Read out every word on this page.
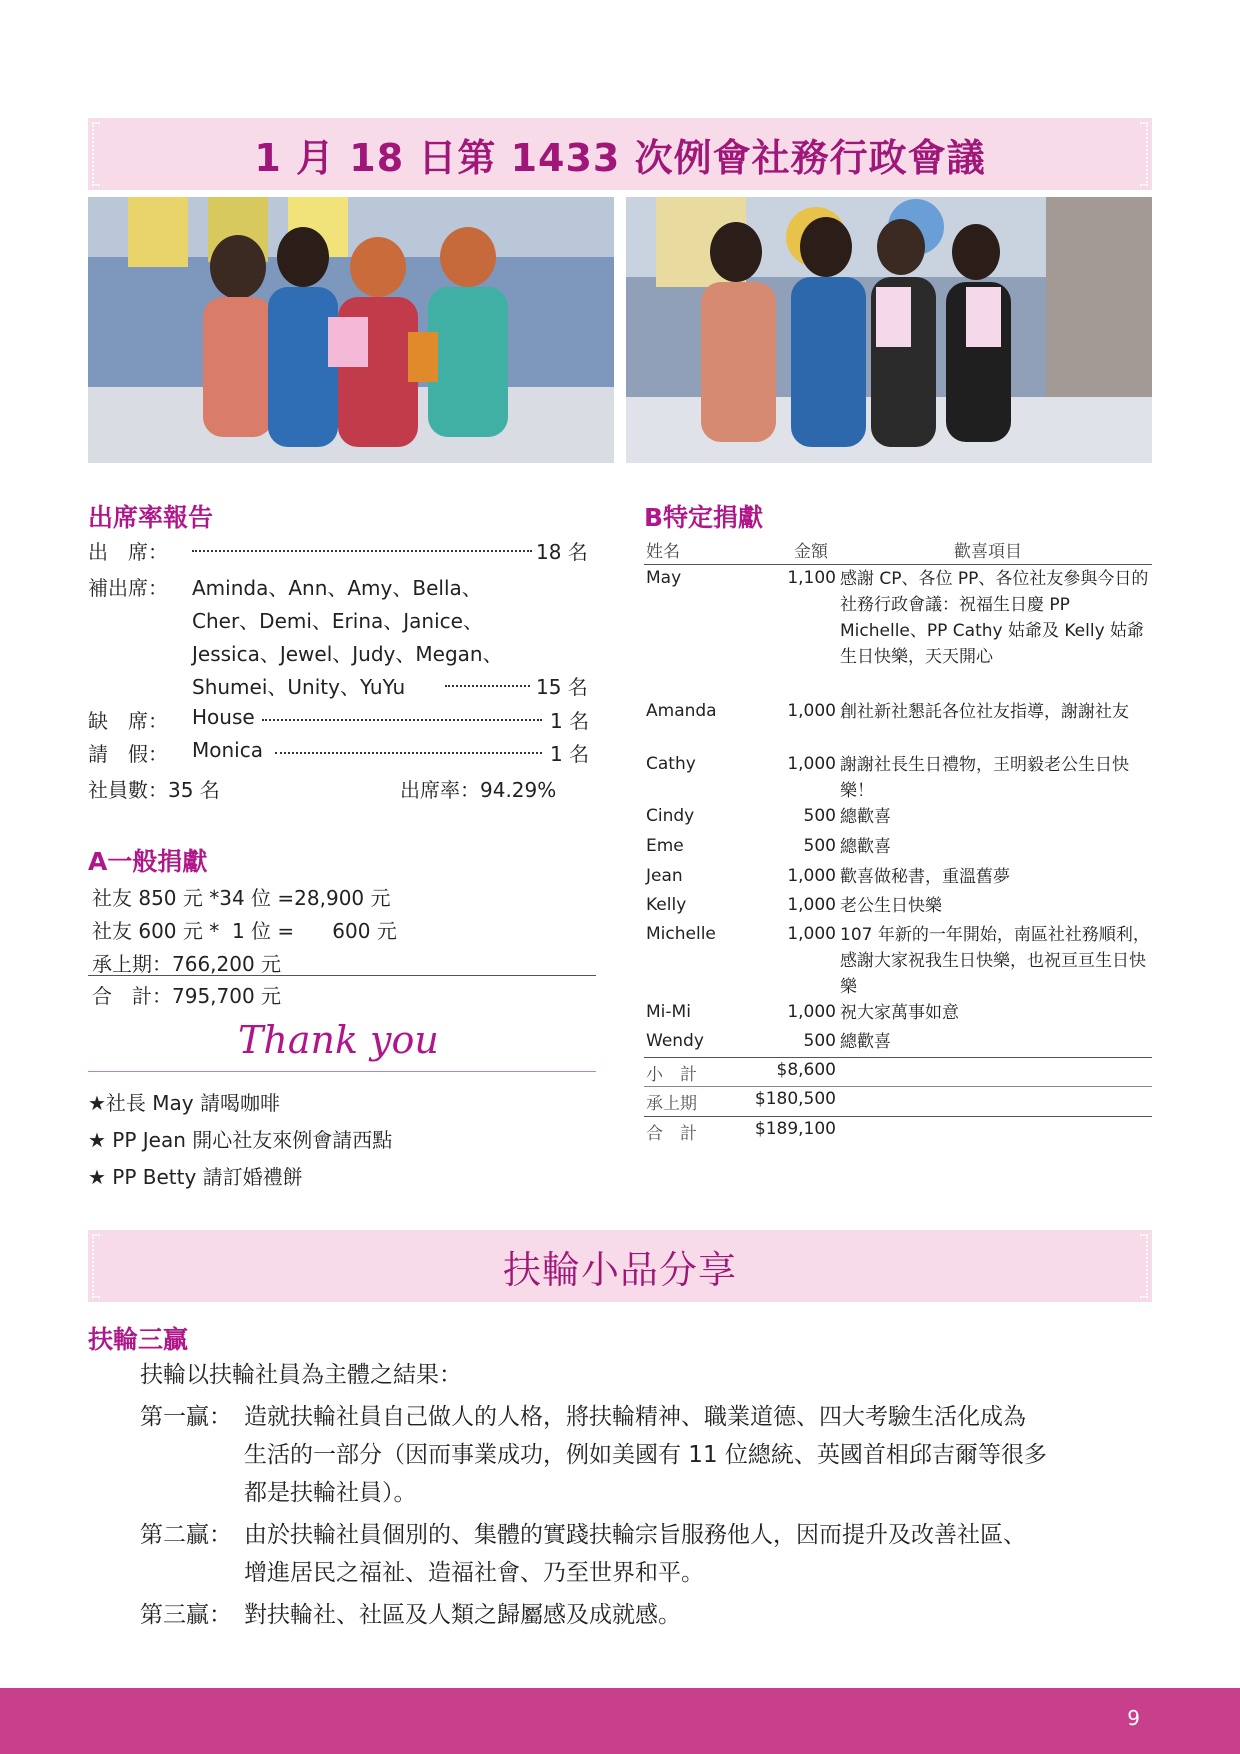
1 月 18 日第 1433 次例會社務行政會議
出席率報告
出　席：	18 名
補出席： Aminda、Ann、Amy、Bella、
Cher、Demi、Erina、Janice、
Jessica、Jewel、Judy、Megan、
Shumei、Unity、YuYu	15 名
缺　席： House	1 名
請　假： Monica	1 名
社員數：35 名	出席率：94.29%
A一般捐獻
社友 850 元 *34 位 =28,900 元
社友 600 元 *  1 位 =      600 元
承上期：766,200 元
合　計：795,700 元
Thank you
★社長 May 請喝咖啡
★ PP Jean 開心社友來例會請西點
★ PP Betty 請訂婚禮餅
B特定捐獻
姓名	金額	歡喜項目
May	1,100 感謝 CP、各位 PP、各位社友參與今日的社務行政會議：祝福生日慶 PP Michelle、PP Cathy 姑爺及 Kelly 姑爺生日快樂，天天開心
Amanda	1,000 創社新社懇託各位社友指導，謝謝社友
Cathy	1,000 謝謝社長生日禮物，王明毅老公生日快樂！
Cindy	500 總歡喜
Eme	500 總歡喜
Jean	1,000 歡喜做秘書，重溫舊夢
Kelly	1,000 老公生日快樂
Michelle	1,000 107 年新的一年開始，南區社社務順利，感謝大家祝我生日快樂，也祝亘亘生日快樂
Mi-Mi	1,000 祝大家萬事如意
Wendy	500 總歡喜
小　計	$8,600
承上期	$180,500
合　計	$189,100
扶輪小品分享
扶輪三贏
扶輪以扶輪社員為主體之結果：
第一贏： 造就扶輪社員自己做人的人格，將扶輪精神、職業道德、四大考驗生活化成為
生活的一部分（因而事業成功，例如美國有 11 位總統、英國首相邱吉爾等很多
都是扶輪社員）。
第二贏： 由於扶輪社員個別的、集體的實踐扶輪宗旨服務他人，因而提升及改善社區、
增進居民之福祉、造福社會、乃至世界和平。
第三贏： 對扶輪社、社區及人類之歸屬感及成就感。
9
